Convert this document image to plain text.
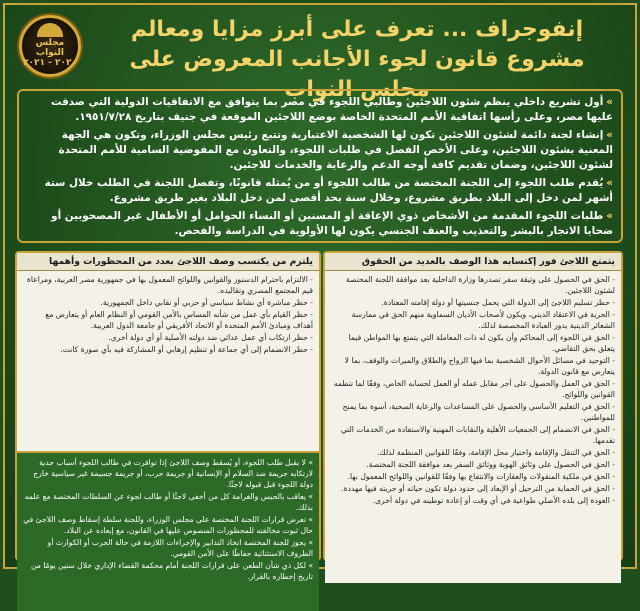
مجلس النواب
٢٠٢٠ - ٢٠٢١
إنفوجراف ... تعرف على أبرز مزايا ومعالم
مشروع قانون لجوء الأجانب المعروض على مجلس النواب	»أول تشريع داخلي ينظم شئون اللاجئين وطالبي اللجوء في مصر بما يتوافق مع الاتفاقيات الدولية التي صدقت عليها مصر، وعلى رأسها اتفاقية الأمم المتحدة الخاصة بوضع اللاجئين الموقعة في جنيف بتاريخ ١٩٥١/٧/٢٨.

»إنشاء لجنة دائمة لشئون اللاجئين تكون لها الشخصية الاعتبارية وتتبع رئيس مجلس الوزراء، وتكون هي الجهة المعنية بشئون اللاجئين، وعلى الأخص الفصل في طلبات اللجوء، والتعاون مع المفوضية السامية للأمم المتحدة لشئون اللاجئين، وضمان تقديم كافة أوجه الدعم والرعاية والخدمات للاجئين.

»يُقدم طلب اللجوء إلى اللجنة المختصة من طالب اللجوء أو من يُمثله قانونًا، وتفصل اللجنة في الطلب خلال ستة أشهر لمن دخل إلى البلاد بطريق مشروع، وخلال سنة بحد أقصى لمن دخل البلاد بغير طريق مشروع.

»طلبات اللجوء المقدمة من الأشخاص ذوي الإعاقة أو المسنين أو النساء الحوامل أو الأطفال غير المصحوبين أو ضحايا الاتجار بالبشر والتعذيب والعنف الجنسي يكون لها الأولوية في الدراسة والفحص.

يتمتع اللاجئ فور إكتسابه هذا الوصف بالعديد من الحقوق
- الحق في الحصول على وثيقة سفر تصدرها وزارة الداخلية بعد موافقة اللجنة المختصة لشئون اللاجئين.
- حظر تسليم اللاجئ إلى الدولة التي يحمل جنسيتها أو دولة إقامته المعتادة.
- الحرية في الاعتقاد الديني، ويكون لأصحاب الأديان السماوية منهم الحق في ممارسة الشعائر الدينية بدور العبادة المخصصة لذلك.
- الحق في اللجوء إلى المحاكم وأن يكون له ذات المعاملة التي يتمتع بها المواطن فيما يتعلق بحق التقاضي.
- التوحيد في مسائل الأحوال الشخصية بما فيها الزواج والطلاق والميراث والوقف، بما لا يتعارض مع قانون الدولة.
- الحق في العمل والحصول على أجر مقابل عمله أو العمل لحسابه الخاص، وفقًا لما تنظمه القوانين واللوائح.
- الحق في التعليم الأساسي والحصول على المساعدات والرعاية الصحية، أسوة بما يمنح للمواطنين.
- الحق في الانضمام إلى الجمعيات الأهلية والنقابات المهنية والاستفادة من الخدمات التي تقدمها.
- الحق في التنقل والإقامة واختيار محل الإقامة، وفقًا للقوانين المنظمة لذلك.
- الحق في الحصول على وثائق الهوية ووثائق السفر بعد موافقة اللجنة المختصة.
- الحق في ملكية المنقولات والعقارات والانتفاع بها وفقًا للقوانين واللوائح المعمول بها.
- الحق في الحماية من الترحيل أو الإبعاد إلى حدود دولة تكون حياته أو حريته فيها مهددة.
- العودة إلى بلده الأصلي طواعية في أي وقت أو إعادة توطينه في دولة أخرى.
يلتزم من يكتسب وصف اللاجئ بعدد من المحظورات وأهمها
- الالتزام باحترام الدستور والقوانين واللوائح المعمول بها في جمهورية مصر العربية، ومراعاة قيم المجتمع المصري وتقاليده.
- حظر مباشرة أي نشاط سياسي أو حزبي أو نقابي داخل الجمهورية.
- حظر القيام بأي عمل من شأنه المساس بالأمن القومي أو النظام العام أو يتعارض مع أهداف ومبادئ الأمم المتحدة أو الاتحاد الأفريقي أو جامعة الدول العربية.
- حظر ارتكاب أي عمل عدائي ضد دولته الأصلية أو أي دولة أخرى.
- حظر الانضمام إلى أي جماعة أو تنظيم إرهابي أو المشاركة فيه بأي صورة كانت.
» لا يقبل طلب اللجوء، أو يُسقط وصف اللاجئ إذا توافرت في طالب اللجوء أسباب جدية لارتكابه جريمة ضد السلام أو الإنسانية أو جريمة حرب، أو جريمة جسيمة غير سياسية خارج دولة اللجوء قبل قبوله لاجئًا.
» يعاقب بالحبس والغرامة كل من أخفى لاجئًا أو طالب لجوء عن السلطات المختصة مع علمه بذلك.
» تعرض قرارات اللجنة المختصة على مجلس الوزراء، وللجنة سلطة إسقاط وصف اللاجئ في حال ثبوت مخالفته للمحظورات المنصوص عليها في القانون، مع إبعاده عن البلاد.
» يجوز للجنة المختصة اتخاذ التدابير والإجراءات اللازمة في حالة الحرب أو الكوارث أو الظروف الاستثنائية حفاظًا على الأمن القومي.
» لكل ذي شأن الطعن على قرارات اللجنة أمام محكمة القضاء الإداري خلال ستين يومًا من تاريخ إخطاره بالقرار.
